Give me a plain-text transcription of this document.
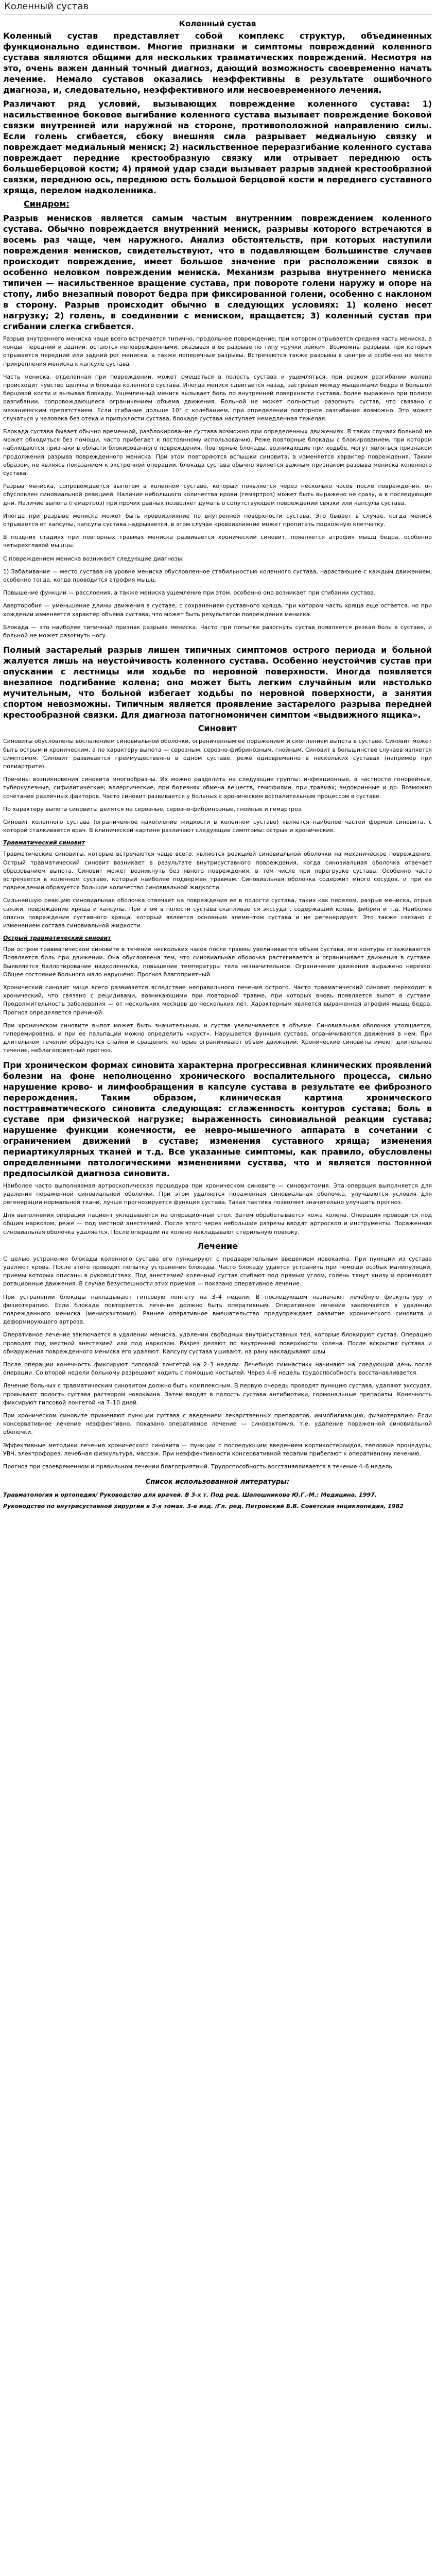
Коленный сустав
Коленный сустав

Коленный сустав представляет собой комплекс структур, объединенных функционально единством. Многие признаки и симптомы повреждений коленного сустава являются общими для нескольких травматических повреждений. Несмотря на это, очень важен данный точный диагноз, дающий возможность своевременно начать лечение. Немало суставов оказались неэффективны в результате ошибочного диагноза, и, следовательно, неэффективного или несвоевременного лечения.

Различают ряд условий, вызывающих повреждение коленного сустава: 1) насильственное боковое выгибание коленного сустава вызывает повреждение боковой связки внутренней или наружной на стороне, противоположной направлению силы. Если голень сгибается, сбоку внешняя сила разрывает медиальную связку и повреждает медиальный мениск; 2) насильственное переразгибание коленного сустава повреждает передние крестообразную связку или отрывает переднюю ость большеберцовой кости; 4) прямой удар сзади вызывает разрыв задней крестообразной связки, переднюю ось, переднюю ость большой берцовой кости и переднего суставного хряща, перелом надколенника.

Синдром:

Разрыв менисков является самым частым внутренним повреждением коленного сустава. Обычно повреждается внутренний мениск, разрывы которого встречаются в восемь раз чаще, чем наружного. Анализ обстоятельств, при которых наступили повреждения менисков, свидетельствуют, что в подавляющем большинстве случаев происходит повреждение, имеет большое значение при расположении связок в особенно неловком повреждении мениска. Механизм разрыва внутреннего мениска типичен — насильственное вращение сустава, при повороте голени наружу и опоре на стопу, либо внезапный поворот бедра при фиксированной голени, особенно с наклоном в сторону. Разрыв происходит обычно в следующих условиях: 1) колено несет нагрузку; 2) голень, в соединении с мениском, вращается; 3) коленный сустав при сгибании слегка сгибается.

Разрыв внутреннего мениска чаще всего встречается типично, продольное повреждение, при котором отрывается средняя часть мениска, а концы, передний и задний, остаются неповрежденными, оказывая в ее разрыве по типу «ручки лейки». Возможны разрывы, при которых отрывается передний или задний рог мениска, а также поперечные разрывы. Встречаются также разрывы в центре и особенно на месте прикрепления мениска к капсуле сустава.

Часть мениска, отделенная при повреждении, может смещаться в полость сустава и ущемляться, при резком разгибании колена происходит чувство щелчка и блокада коленного сустава. Иногда мениск сдвигается назад, застревая между мыщелками бедра и большой берцовой кости и вызывая блокаду. Ущемленный мениск вызывает боль по внутренней поверхности сустава, более выражено при полном разгибании, сопровождающееся ограничением объема движения. Больной не может полностью разогнуть сустав, что связано с механическим препятствием. Если сгибание дольше 10° с колебанием, при определении повторное разгибание возможно. Это может случаться у человека без отека и припухлости сустава, блокаде сустава наступает немедленная тяжелая.

Блокада сустава бывает обычно временной, разблокирование сустава возможно при определенных движениях. В таких случаях больной не может обходиться без помощи, часто прибегает к постоянному использованию. Реже повторные блокады с блокированием, при котором наблюдаются признаки в области блокированного повреждения. Повторные блокады, возникающие при ходьбе, могут являться признаком продолжения разрыва поврежденного мениска. При этом повторяются вспышки синовита, а изменяется характер повреждения. Таким образом, не являясь показанием к экстренной операции, блокада сустава обычно является важным признаком разрыва мениска коленного сустава.

Разрыв мениска, сопровождается выпотом в коленном суставе, который появляется через несколько часов после повреждения, он обусловлен синовиальной реакцией. Наличие небольшого количества крови (гемартроз) может быть выражено не сразу, а в последующие дни. Наличие выпота (гемартроз) при прочих равных позволяет думать о сопутствующем повреждении связки или капсулы сустава.

Иногда при разрыве мениска может быть кровоизлияние по внутренней поверхности сустава. Это бывает в случае, когда мениск отрывается от капсулы, капсула сустава надрывается, в этом случае кровоизлияние может пропитать подкожную клетчатку.

В поздних стадиях при повторных травмах мениска развивается хронический синовит, появляется атрофия мышц бедра, особенно четырехглавой мышцы.

С повреждением мениска возникают следующие диагнозы:

1) Забаливание — место сустава на уровне мениска обусловленное стабильностью коленного сустава, нарастающее с каждым движением, особенно тогда, когда проводится атрофия мышц.

Повышение функции — расслоения, а также мениска ущемление при этом, особенно оно возникает при сгибании сустава.

Аверторобия — уменьшение длины движения в суставе, с сохранением суставного хряща, при котором часть хряща еще остается, но при хождении изменяется характер объема сустава, что может быть результатом повреждения мениска.

Блокада — это наиболее типичный признак разрыва мениска. Часто при попытке разогнуть сустав появляется резкая боль в суставе, и больной не может разогнуть ногу.

Полный застарелый разрыв лишен типичных симптомов острого периода и больной жалуется лишь на неустойчивость коленного сустава. Особенно неустойчив сустав при опускании с лестницы или ходьбе по неровной поверхности. Иногда появляется внезапное подгибание колена; оно может быть легким случайным или настолько мучительным, что больной избегает ходьбы по неровной поверхности, а занятия спортом невозможны. Типичным является проявление застарелого разрыва передней крестообразной связки. Для диагноза патогномоничен симптом «выдвижного ящика».

Синовит

Синовиты обусловлены воспалением синовиальной оболочки, ограниченным ее поражением и скоплением выпота в суставе. Синовит может быть острым и хроническим, а по характеру выпота — серозным, серозно-фибринозным, гнойным. Синовит в большинстве случаев является симптомом. Синовит развивается преимущественно в одном суставе, реже одновременно в нескольких суставах (например при полиартрите).

Причины возникновения синовита многообразны. Их можно разделить на следующие группы: инфекционные, в частности гонорейные, туберкулезные, сифилитические; аллергические, при болезнях обмена веществ, гемофилии, при травмах; эндокринные и др. Возможно сочетание различных факторов. Часто синовит развивается у больных с хроническим воспалительным процессом в суставе.

По характеру выпота синовиты делятся на серозные, серозно-фибринозные, гнойные и гемартроз.

Синовит коленного сустава (ограниченное накопление жидкости в коленном суставе) является наиболее частой формой синовита, с которой сталкивается врач. В клинической картине различают следующие симптомы: острые и хронические.

Травматический синовит

Травматические синовиты, которые встречаются чаще всего, являются реакцией синовиальной оболочки на механическое повреждение. Острый травматический синовит возникает в результате внутрисуставного повреждения, когда синовиальная оболочка отвечает образованием выпота. Синовит может возникнуть без явного повреждения, в том числе при перегрузке сустава. Особенно часто встречается в коленном суставе, который наиболее подвержен травмам. Синовиальная оболочка содержит много сосудов, и при ее повреждении образуется большое количество синовиальной жидкости.

Сильнейшую реакцию синовиальная оболочка отвечает на повреждения ее в полости сустава, таких как перелом, разрыв мениска, отрыв связки, повреждение хряща и капсулы. При этом в полости сустава скапливается экссудат, содержащий кровь, фибрин и т.д. Наиболее опасно повреждение суставного хряща, который является основным элементом сустава и не регенерирует. Это также связано с изменением состава синовиальной жидкости.

Острый травматический синовит

При остром травматическом синовите в течение нескольких часов после травмы увеличивается объем сустава, его контуры сглаживаются. Появляется боль при движении. Она обусловлена тем, что синовиальная оболочка растягивается и ограничивает движения в суставе. Выявляется баллотирование надколенника, повышение температуры тела незначительное. Ограничение движения выражено нерезко. Общее состояние больного мало нарушено. Прогноз благоприятный.

Хронический синовит чаще всего развивается вследствие неправильного лечения острого. Часто травматический синовит переходит в хронический, что связано с рецидивами, возникающими при повторной травме, при которых вновь появляется выпот в суставе. Продолжительность заболевания — от нескольких месяцев до нескольких лет. Характерным является выраженная атрофия мышц бедра. Прогноз определяется причиной.

При хроническом синовите выпот может быть значительным, и сустав увеличивается в объеме. Синовиальная оболочка утолщается, гиперемирована, и при ее пальпации можно определить «хруст». Нарушается функция сустава, ограничиваются движения в нем. При длительном течении образуются спайки и сращения, которые ограничивают объем движений. Хронические синовиты имеют длительное течение, неблагоприятный прогноз.

При хроническом формах синовита характерна прогрессивная клинических проявлений болезни на фоне неполноценно хронического воспалительного процесса, сильно нарушение крово- и лимфообращения в капсуле сустава в результате ее фиброзного перерождения. Таким образом, клиническая картина хронического посттравматического синовита следующая: сглаженность контуров сустава; боль в суставе при физической нагрузке; выраженность синовиальной реакции сустава; нарушение функции конечности, ее невро-мышечного аппарата в сочетании с ограничением движений в суставе; изменения суставного хряща; изменения периартикулярных тканей и т.д. Все указанные симптомы, как правило, обусловлены определенными патологическими изменениями сустава, что и является постоянной предпосылкой диагноза синовита.

Наиболее часто выполняемая артроскопическая процедура при хроническом синовите — синовэктомия. Эта операция выполняется для удаления пораженной синовиальной оболочки. При этом удаляется пораженная синовиальная оболочка, улучшаются условия для регенерации нормальной ткани, лучше прогнозируется функция сустава. Такая тактика позволяет значительно улучшить прогноз.

Для выполнения операции пациент укладывается на операционный стол. Затем обрабатывается кожа колена. Операция проводится под общим наркозом, реже — под местной анестезией. После этого через небольшие разрезы вводят артроскоп и инструменты. Пораженная синовиальная оболочка удаляется. После операции на колено накладывают стерильную повязку.

Лечение

С целью устранения блокады коленного сустава его пункцируют с предварительным введением новокаина. При пункции из сустава удаляют кровь. После этого проводят попытку устранения блокады. Часто блокаду удается устранить при помощи особых манипуляций, приемы которых описаны в руководствах. Под анестезией коленный сустав сгибают под прямым углом, голень тянут книзу и производят ротационные движения. В случае безуспешности этих приемов — показано оперативное лечение.

При устранении блокады накладывают гипсовую лонгету на 3–4 недели. В последующем назначают лечебную физкультуру и физиотерапию. Если блокада повторяется, лечение должно быть оперативным. Оперативное лечение заключается в удалении поврежденного мениска (менискэктомия). Раннее оперативное вмешательство предупреждает развитие хронического синовита и деформирующего артроза.

Оперативное лечение заключается в удалении мениска, удалении свободных внутрисуставных тел, которые блокируют сустав. Операцию проводят под местной анестезией или под наркозом. Разрез делают по внутренней поверхности колена. После вскрытия сустава и обнаружения поврежденного мениска его удаляют. Капсулу сустава ушивают, на рану накладывают швы.

После операции конечность фиксируют гипсовой лонгетой на 2–3 недели. Лечебную гимнастику начинают на следующий день после операции. Со второй недели больному разрешают ходить с помощью костылей. Через 4–6 недель трудоспособность восстанавливается.

Лечение больных с травматическим синовитом должно быть комплексным. В первую очередь проводят пункцию сустава, удаляют экссудат, промывают полость сустава раствором новокаина. Затем вводят в полость сустава антибиотики, гормональные препараты. Конечность фиксируют гипсовой лонгетой на 7–10 дней.

При хроническом синовите применяют пункции сустава с введением лекарственных препаратов, иммобилизацию, физиотерапию. Если консервативное лечение неэффективно, показано оперативное лечение — синовэктомия, т.е. удаление пораженной синовиальной оболочки.

Эффективные методики лечения хронического синовита — пункции с последующим введением кортикостероидов, тепловые процедуры, УВЧ, электрофорез, лечебная физкультура, массаж. При неэффективности консервативной терапии прибегают к оперативному лечению.

Прогноз при своевременном и правильном лечении благоприятный. Трудоспособность восстанавливается в течение 4–6 недель.

Список использованной литературы:
Травматология и ортопедия/ Руководство для врачей. В 3-х т. Под ред. Шапошникова Ю.Г.-М.: Медицина, 1997.
Руководство по внутрисуставной хирургии в 3-х томах. 3-е изд. /Гл. ред. Петровский Б.В. Советская энциклопедия, 1982
